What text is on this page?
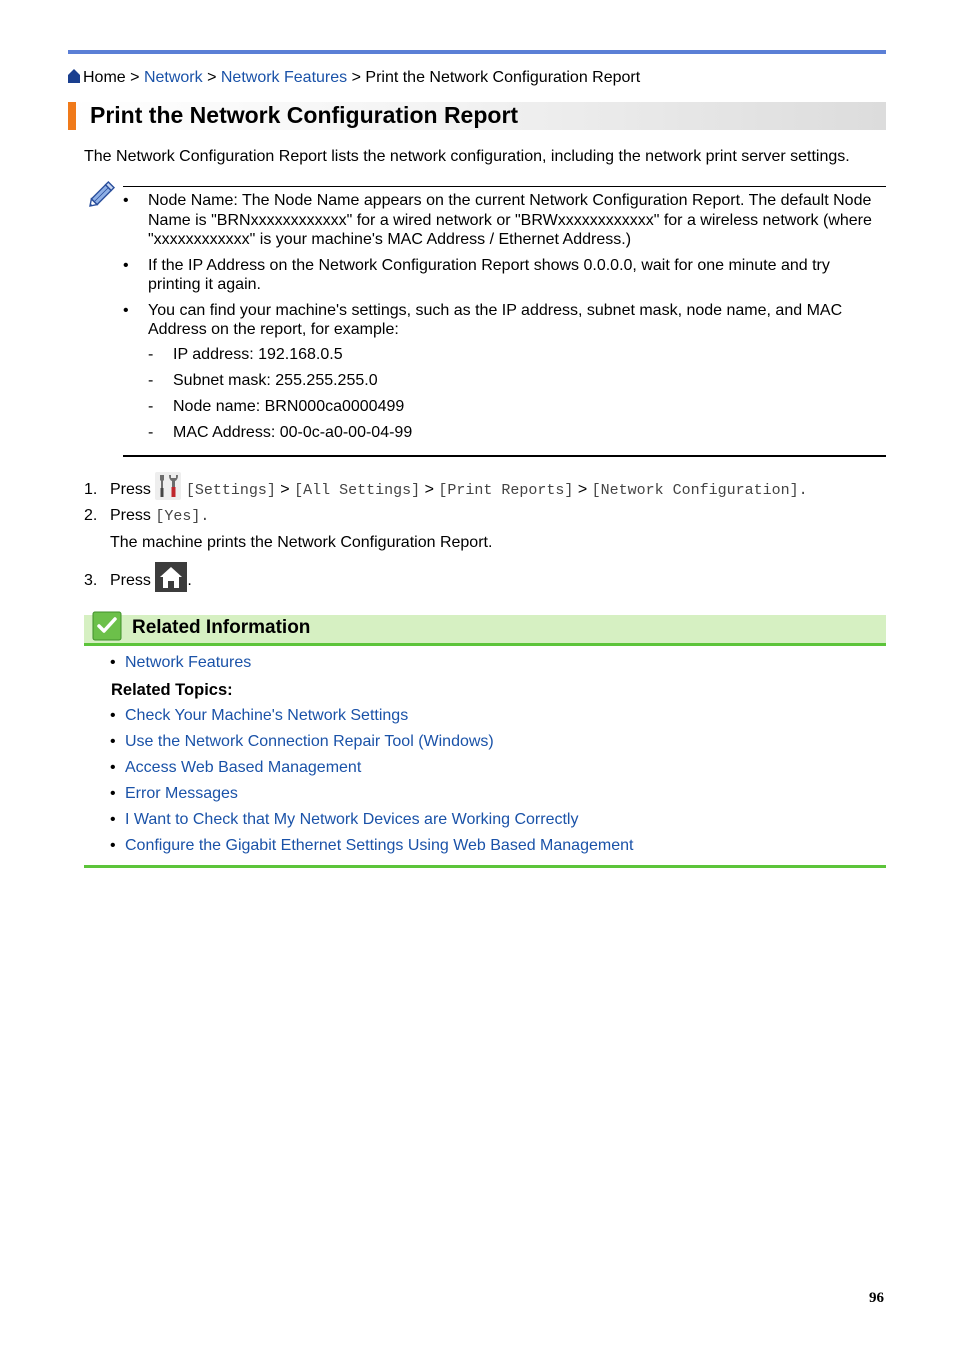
Home > Network > Network Features > Print the Network Configuration Report
Print the Network Configuration Report

The Network Configuration Report lists the network configuration, including the network print server settings.

• Node Name: The Node Name appears on the current Network Configuration Report. The default Node Name is "BRNxxxxxxxxxxxx" for a wired network or "BRWxxxxxxxxxxxx" for a wireless network (where "xxxxxxxxxxxx" is your machine's MAC Address / Ethernet Address.)
• If the IP Address on the Network Configuration Report shows 0.0.0.0, wait for one minute and try printing it again.
• You can find your machine's settings, such as the IP address, subnet mask, node name, and MAC Address on the report, for example:
- IP address: 192.168.0.5
- Subnet mask: 255.255.255.0
- Node name: BRN000ca0000499
- MAC Address: 00-0c-a0-00-04-99
1. Press [Settings] > [All Settings] > [Print Reports] > [Network Configuration].
2. Press [Yes].
The machine prints the Network Configuration Report.
3. Press .
Related Information
• Network Features

Related Topics:

• Check Your Machine's Network Settings
• Use the Network Connection Repair Tool (Windows)
• Access Web Based Management
• Error Messages
• I Want to Check that My Network Devices are Working Correctly
• Configure the Gigabit Ethernet Settings Using Web Based Management
96
